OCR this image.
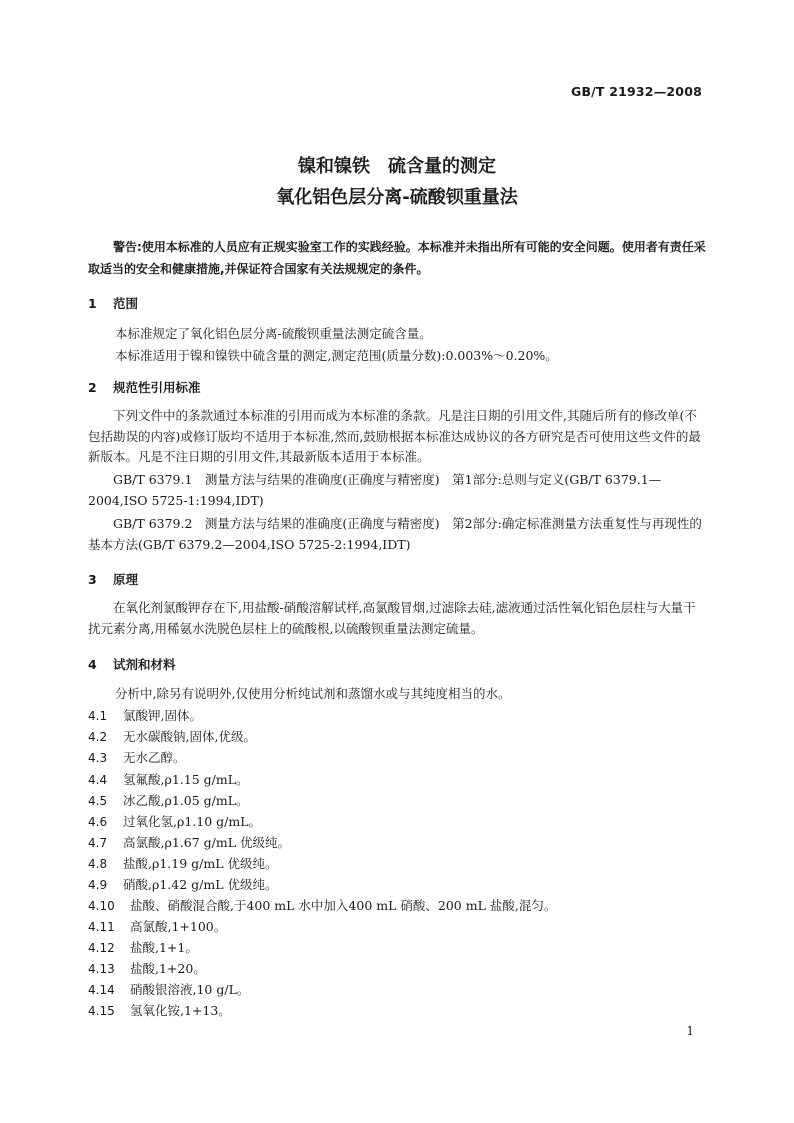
GB/T 21932—2008
镍和镍铁　硫含量的测定
氧化铝色层分离-硫酸钡重量法
警告:使用本标准的人员应有正规实验室工作的实践经验。本标准并未指出所有可能的安全问题。使用者有责任采取适当的安全和健康措施,并保证符合国家有关法规规定的条件。
1 范围
本标准规定了氧化铝色层分离-硫酸钡重量法测定硫含量。
本标准适用于镍和镍铁中硫含量的测定,测定范围(质量分数):0.003%～0.20%。
2 规范性引用标准
下列文件中的条款通过本标准的引用而成为本标准的条款。凡是注日期的引用文件,其随后所有的修改单(不包括勘误的内容)或修订版均不适用于本标准,然而,鼓励根据本标准达成协议的各方研究是否可使用这些文件的最新版本。凡是不注日期的引用文件,其最新版本适用于本标准。
GB/T 6379.1　测量方法与结果的准确度(正确度与精密度)　第1部分:总则与定义(GB/T 6379.1—2004,ISO 5725-1:1994,IDT)
GB/T 6379.2　测量方法与结果的准确度(正确度与精密度)　第2部分:确定标准测量方法重复性与再现性的基本方法(GB/T 6379.2—2004,ISO 5725-2:1994,IDT)
3 原理
在氧化剂氯酸钾存在下,用盐酸-硝酸溶解试样,高氯酸冒烟,过滤除去硅,滤液通过活性氧化铝色层柱与大量干扰元素分离,用稀氨水洗脱色层柱上的硫酸根,以硫酸钡重量法测定硫量。
4 试剂和材料
分析中,除另有说明外,仅使用分析纯试剂和蒸馏水或与其纯度相当的水。
4.1 氯酸钾,固体。
4.2 无水碳酸钠,固体,优级。
4.3 无水乙醇。
4.4 氢氟酸,ρ1.15 g/mL。
4.5 冰乙酸,ρ1.05 g/mL。
4.6 过氧化氢,ρ1.10 g/mL。
4.7 高氯酸,ρ1.67 g/mL 优级纯。
4.8 盐酸,ρ1.19 g/mL 优级纯。
4.9 硝酸,ρ1.42 g/mL 优级纯。
4.10 盐酸、硝酸混合酸,于400 mL 水中加入400 mL 硝酸、200 mL 盐酸,混匀。
4.11 高氯酸,1+100。
4.12 盐酸,1+1。
4.13 盐酸,1+20。
4.14 硝酸银溶液,10 g/L。
4.15 氢氧化铵,1+13。
1
